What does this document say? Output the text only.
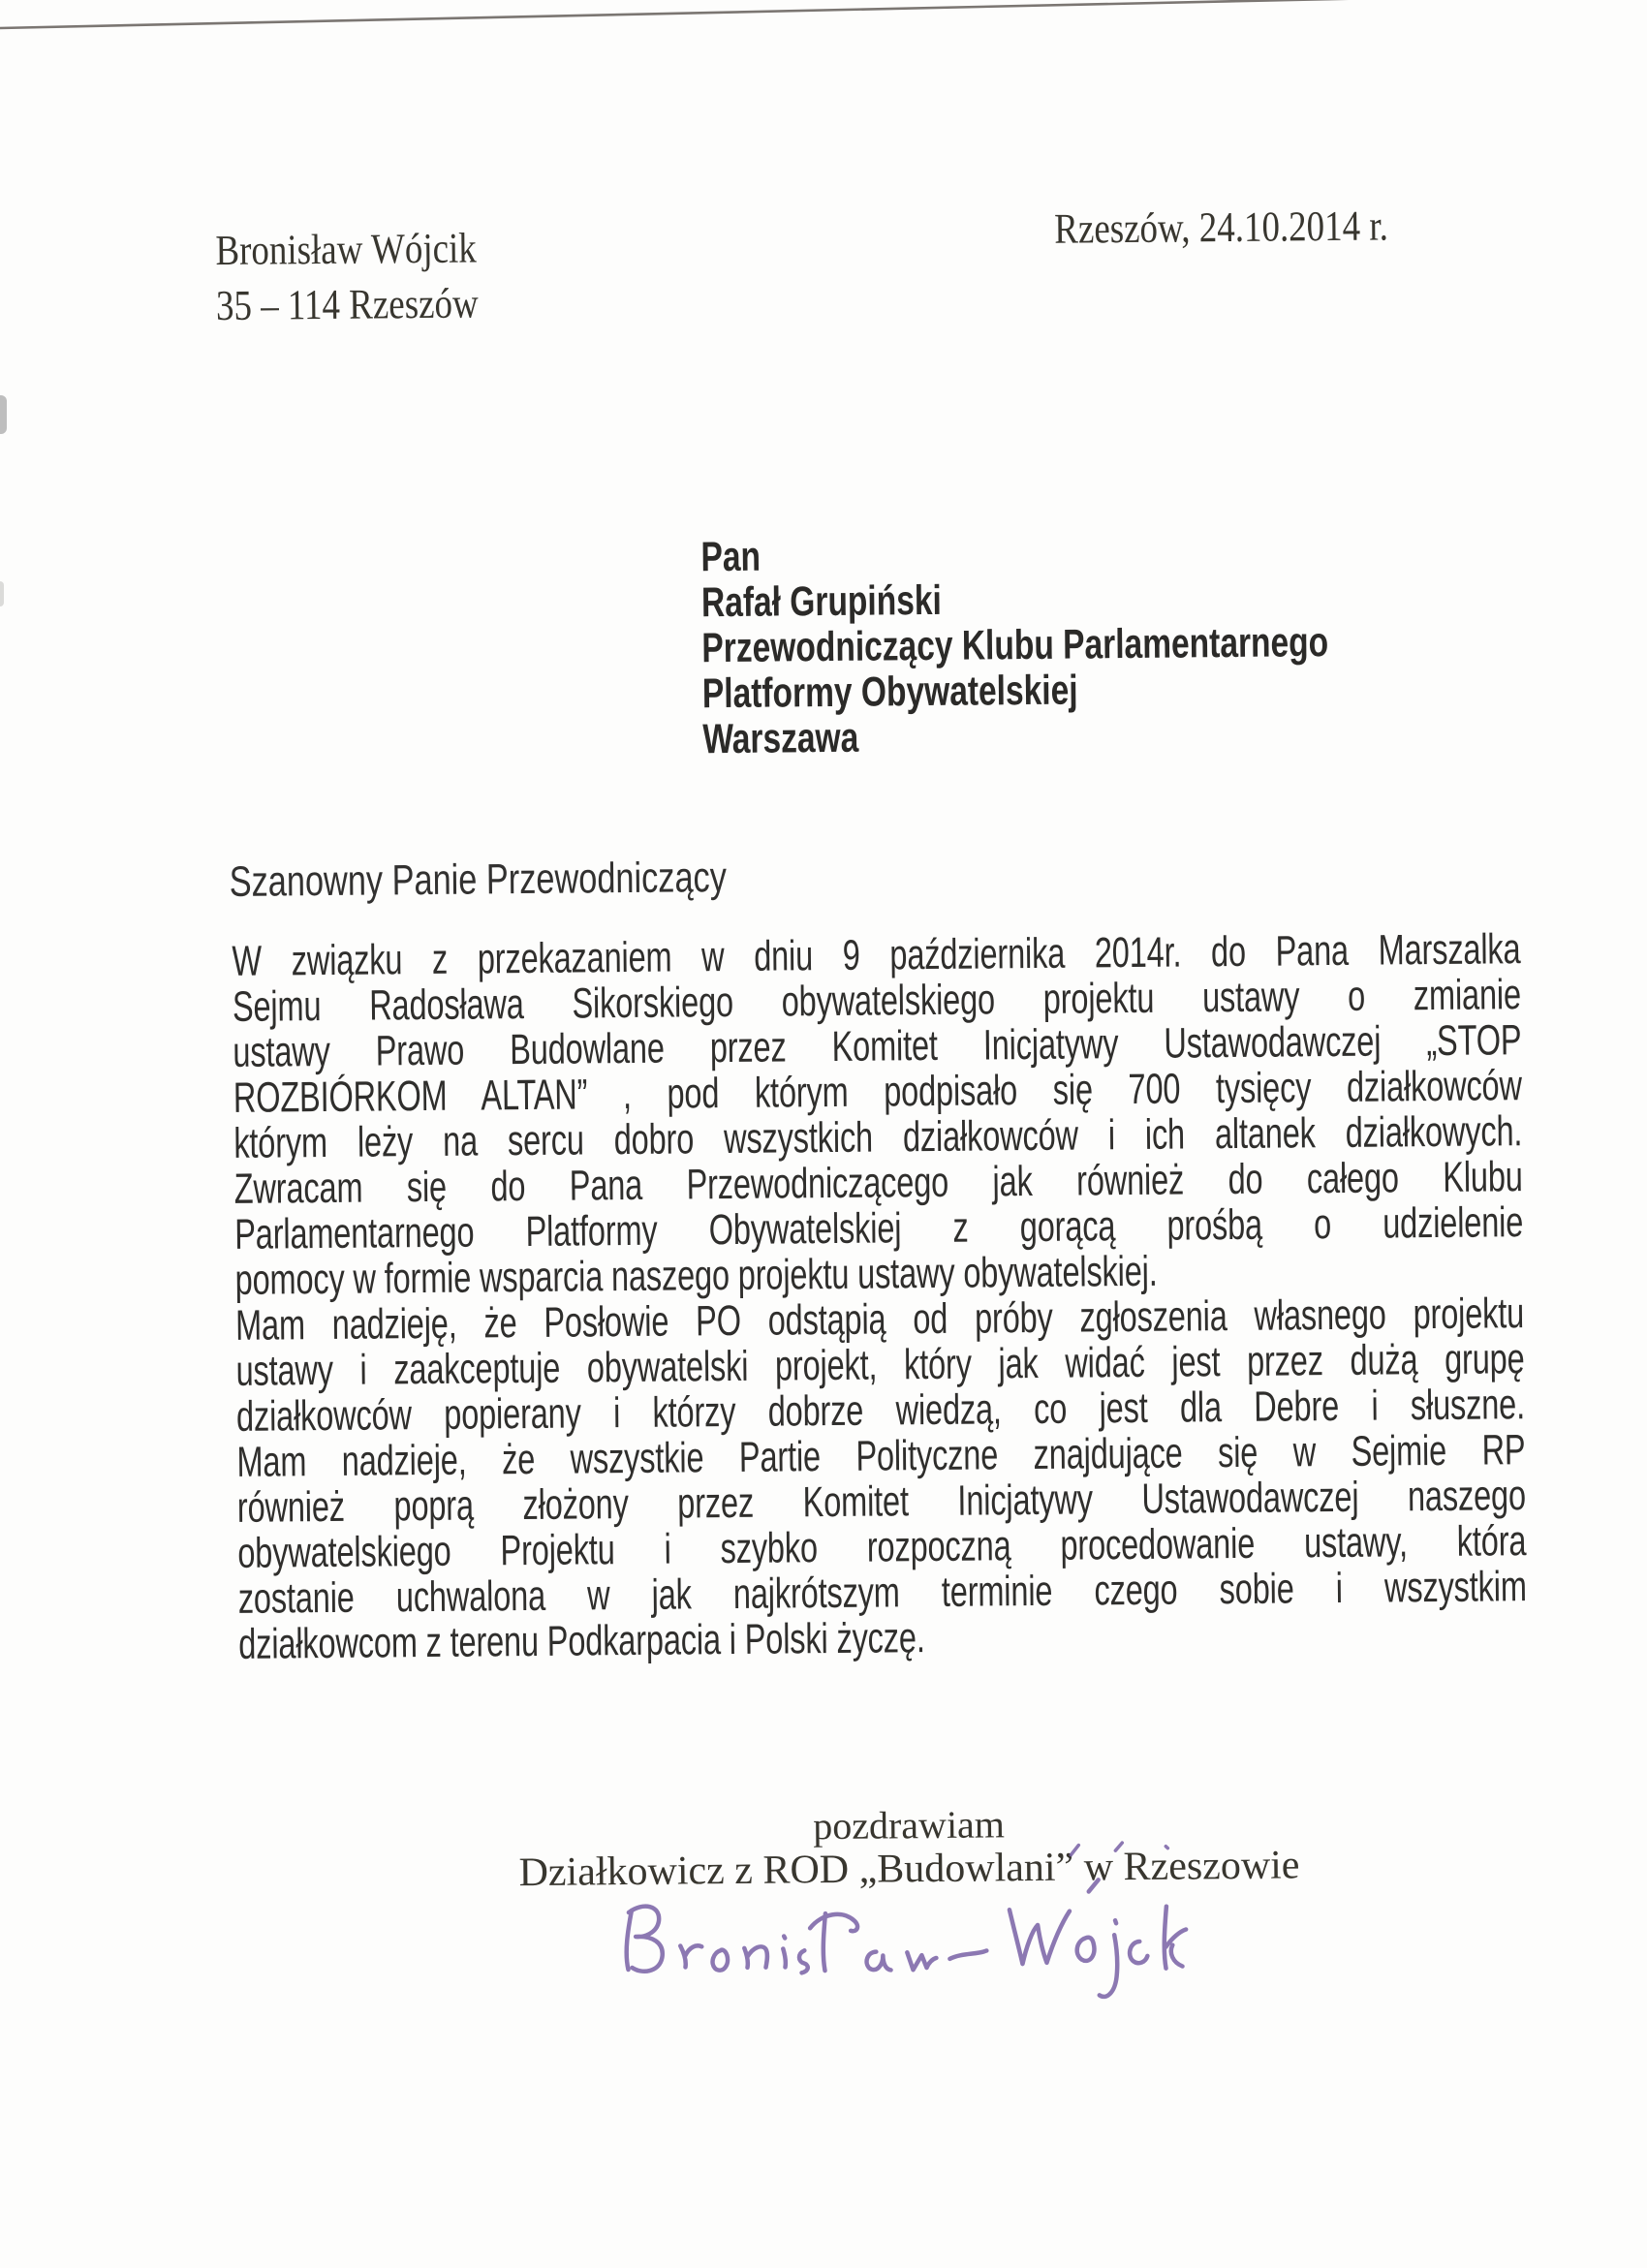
Bronisław Wójcik
35 – 114 Rzeszów
Rzeszów, 24.10.2014 r.
Pan
Rafał Grupiński
Przewodniczący Klubu Parlamentarnego
Platformy Obywatelskiej
Warszawa
Szanowny Panie Przewodniczący
W związku z przekazaniem w dniu 9 października 2014r. do Pana Marszalka
Sejmu Radosława Sikorskiego obywatelskiego projektu ustawy o zmianie
ustawy Prawo Budowlane przez Komitet Inicjatywy Ustawodawczej „STOP
ROZBIÓRKOM ALTAN” , pod którym podpisało się 700 tysięcy działkowców
którym leży na sercu dobro wszystkich działkowców i ich altanek działkowych.
Zwracam się do Pana Przewodniczącego jak również do całego Klubu
Parlamentarnego Platformy Obywatelskiej z gorącą prośbą o udzielenie
pomocy w formie wsparcia naszego projektu ustawy obywatelskiej.
Mam nadzieję, że Posłowie PO odstąpią od próby zgłoszenia własnego projektu
ustawy i zaakceptuje obywatelski projekt, który jak widać jest przez dużą grupę
działkowców popierany i którzy dobrze wiedzą, co jest dla Debre i słuszne.
Mam nadzieje, że wszystkie Partie Polityczne znajdujące się w Sejmie RP
również poprą złożony przez Komitet Inicjatywy Ustawodawczej naszego
obywatelskiego Projektu i szybko rozpoczną procedowanie ustawy, która
zostanie uchwalona w jak najkrótszym terminie czego sobie i wszystkim
działkowcom z terenu Podkarpacia i Polski życzę.
pozdrawiam
Działkowicz z ROD „Budowlani” w Rzeszowie
